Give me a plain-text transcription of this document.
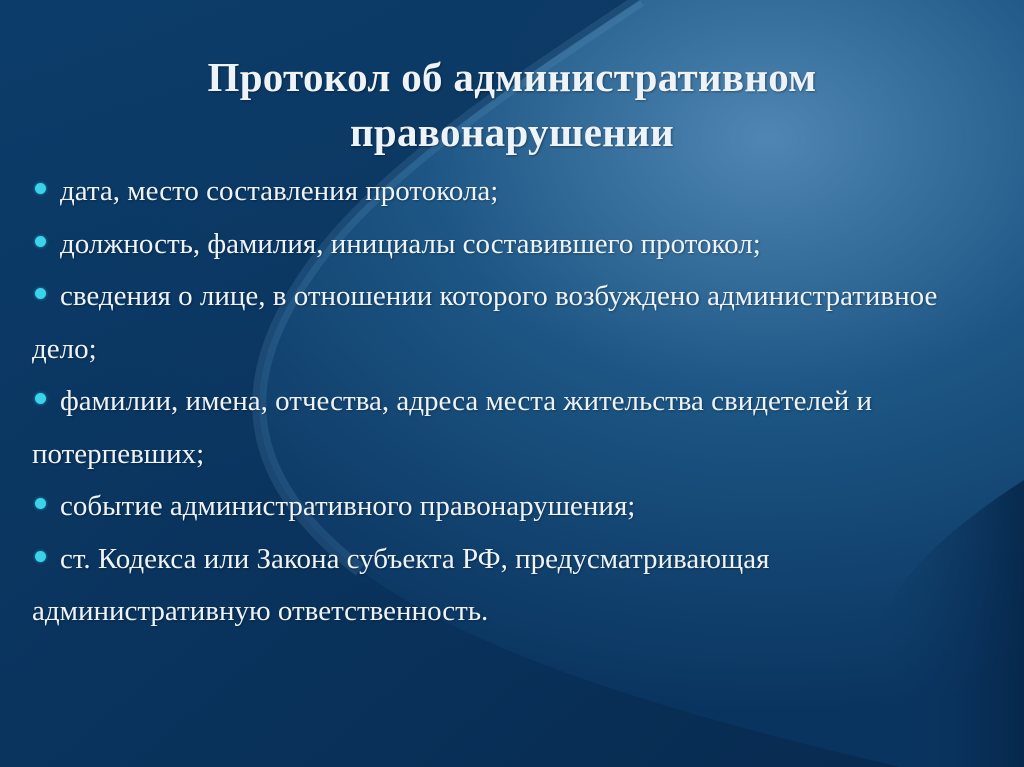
Протокол об административном правонарушении
дата, место составления протокола;
должность, фамилия, инициалы составившего протокол;
сведения о лице, в отношении которого возбуждено административное дело;
фамилии, имена, отчества, адреса места жительства свидетелей и потерпевших;
событие административного правонарушения;
ст. Кодекса или Закона субъекта РФ, предусматривающая административную ответственность.
